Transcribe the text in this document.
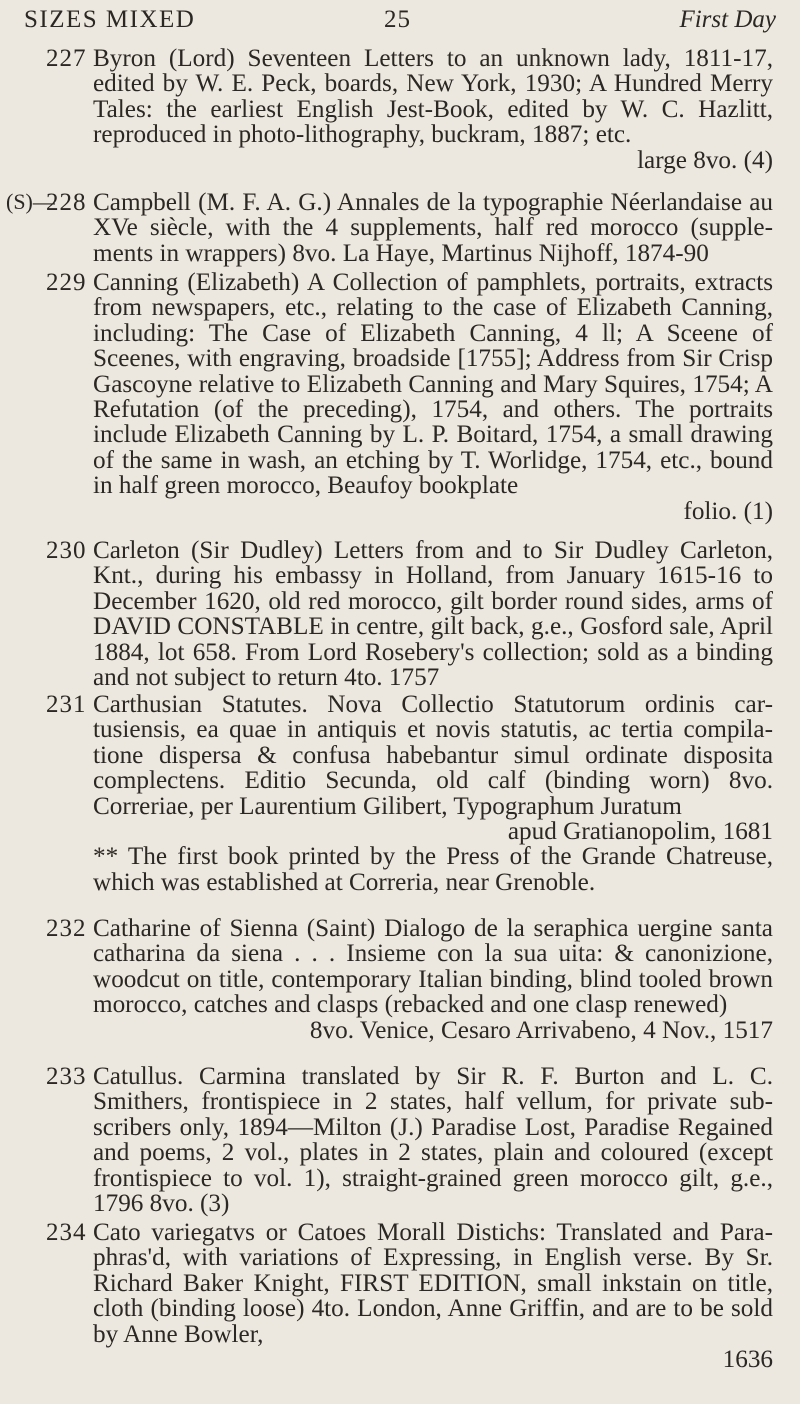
SIZES MIXED	25	First Day
227 Byron (Lord) Seventeen Letters to an unknown lady, 1811-17, edited by W. E. Peck, boards, New York, 1930; A Hundred Merry Tales: the earliest English Jest-Book, edited by W. C. Hazlitt, reproduced in photo-lithography, buckram, 1887; etc.

large 8vo. (4)

(S)—
228 Campbell (M. F. A. G.) Annales de la typographie Néerlandaise au XVe siècle, with the 4 supplements, half red morocco (supple- ments in wrappers) 8vo. La Haye, Martinus Nijhoff, 1874-90

229 Canning (Elizabeth) A Collection of pamphlets, portraits, extracts from newspapers, etc., relating to the case of Elizabeth Canning, including: The Case of Elizabeth Canning, 4 ll; A Sceene of Sceenes, with engraving, broadside [1755]; Address from Sir Crisp Gascoyne relative to Elizabeth Canning and Mary Squires, 1754; A Refutation (of the preceding), 1754, and others. The portraits include Elizabeth Canning by L. P. Boitard, 1754, a small drawing of the same in wash, an etching by T. Worlidge, 1754, etc., bound in half green morocco, Beaufoy bookplate

folio. (1)

230 Carleton (Sir Dudley) Letters from and to Sir Dudley Carleton, Knt., during his embassy in Holland, from January 1615-16 to December 1620, old red morocco, gilt border round sides, arms of DAVID CONSTABLE in centre, gilt back, g.e., Gosford sale, April 1884, lot 658. From Lord Rosebery's collection; sold as a binding and not subject to return 4to. 1757

231 Carthusian Statutes. Nova Collectio Statutorum ordinis car- tusiensis, ea quae in antiquis et novis statutis, ac tertia compila- tione dispersa & confusa habebantur simul ordinate disposita complectens. Editio Secunda, old calf (binding worn) 8vo. Correriae, per Laurentium Gilibert, Typographum Juratum

apud Gratianopolim, 1681

** The first book printed by the Press of the Grande Chatreuse, which was established at Correria, near Grenoble.

232 Catharine of Sienna (Saint) Dialogo de la seraphica uergine santa catharina da siena . . . Insieme con la sua uita: & canonizione, woodcut on title, contemporary Italian binding, blind tooled brown morocco, catches and clasps (rebacked and one clasp renewed)

8vo. Venice, Cesaro Arrivabeno, 4 Nov., 1517

233 Catullus. Carmina translated by Sir R. F. Burton and L. C. Smithers, frontispiece in 2 states, half vellum, for private sub- scribers only, 1894—Milton (J.) Paradise Lost, Paradise Regained and poems, 2 vol., plates in 2 states, plain and coloured (except frontispiece to vol. 1), straight-grained green morocco gilt, g.e., 1796 8vo. (3)

234 Cato variegatvs or Catoes Morall Distichs: Translated and Para- phras'd, with variations of Expressing, in English verse. By Sr. Richard Baker Knight, FIRST EDITION, small inkstain on title, cloth (binding loose) 4to. London, Anne Griffin, and are to be sold by Anne Bowler,

1636
